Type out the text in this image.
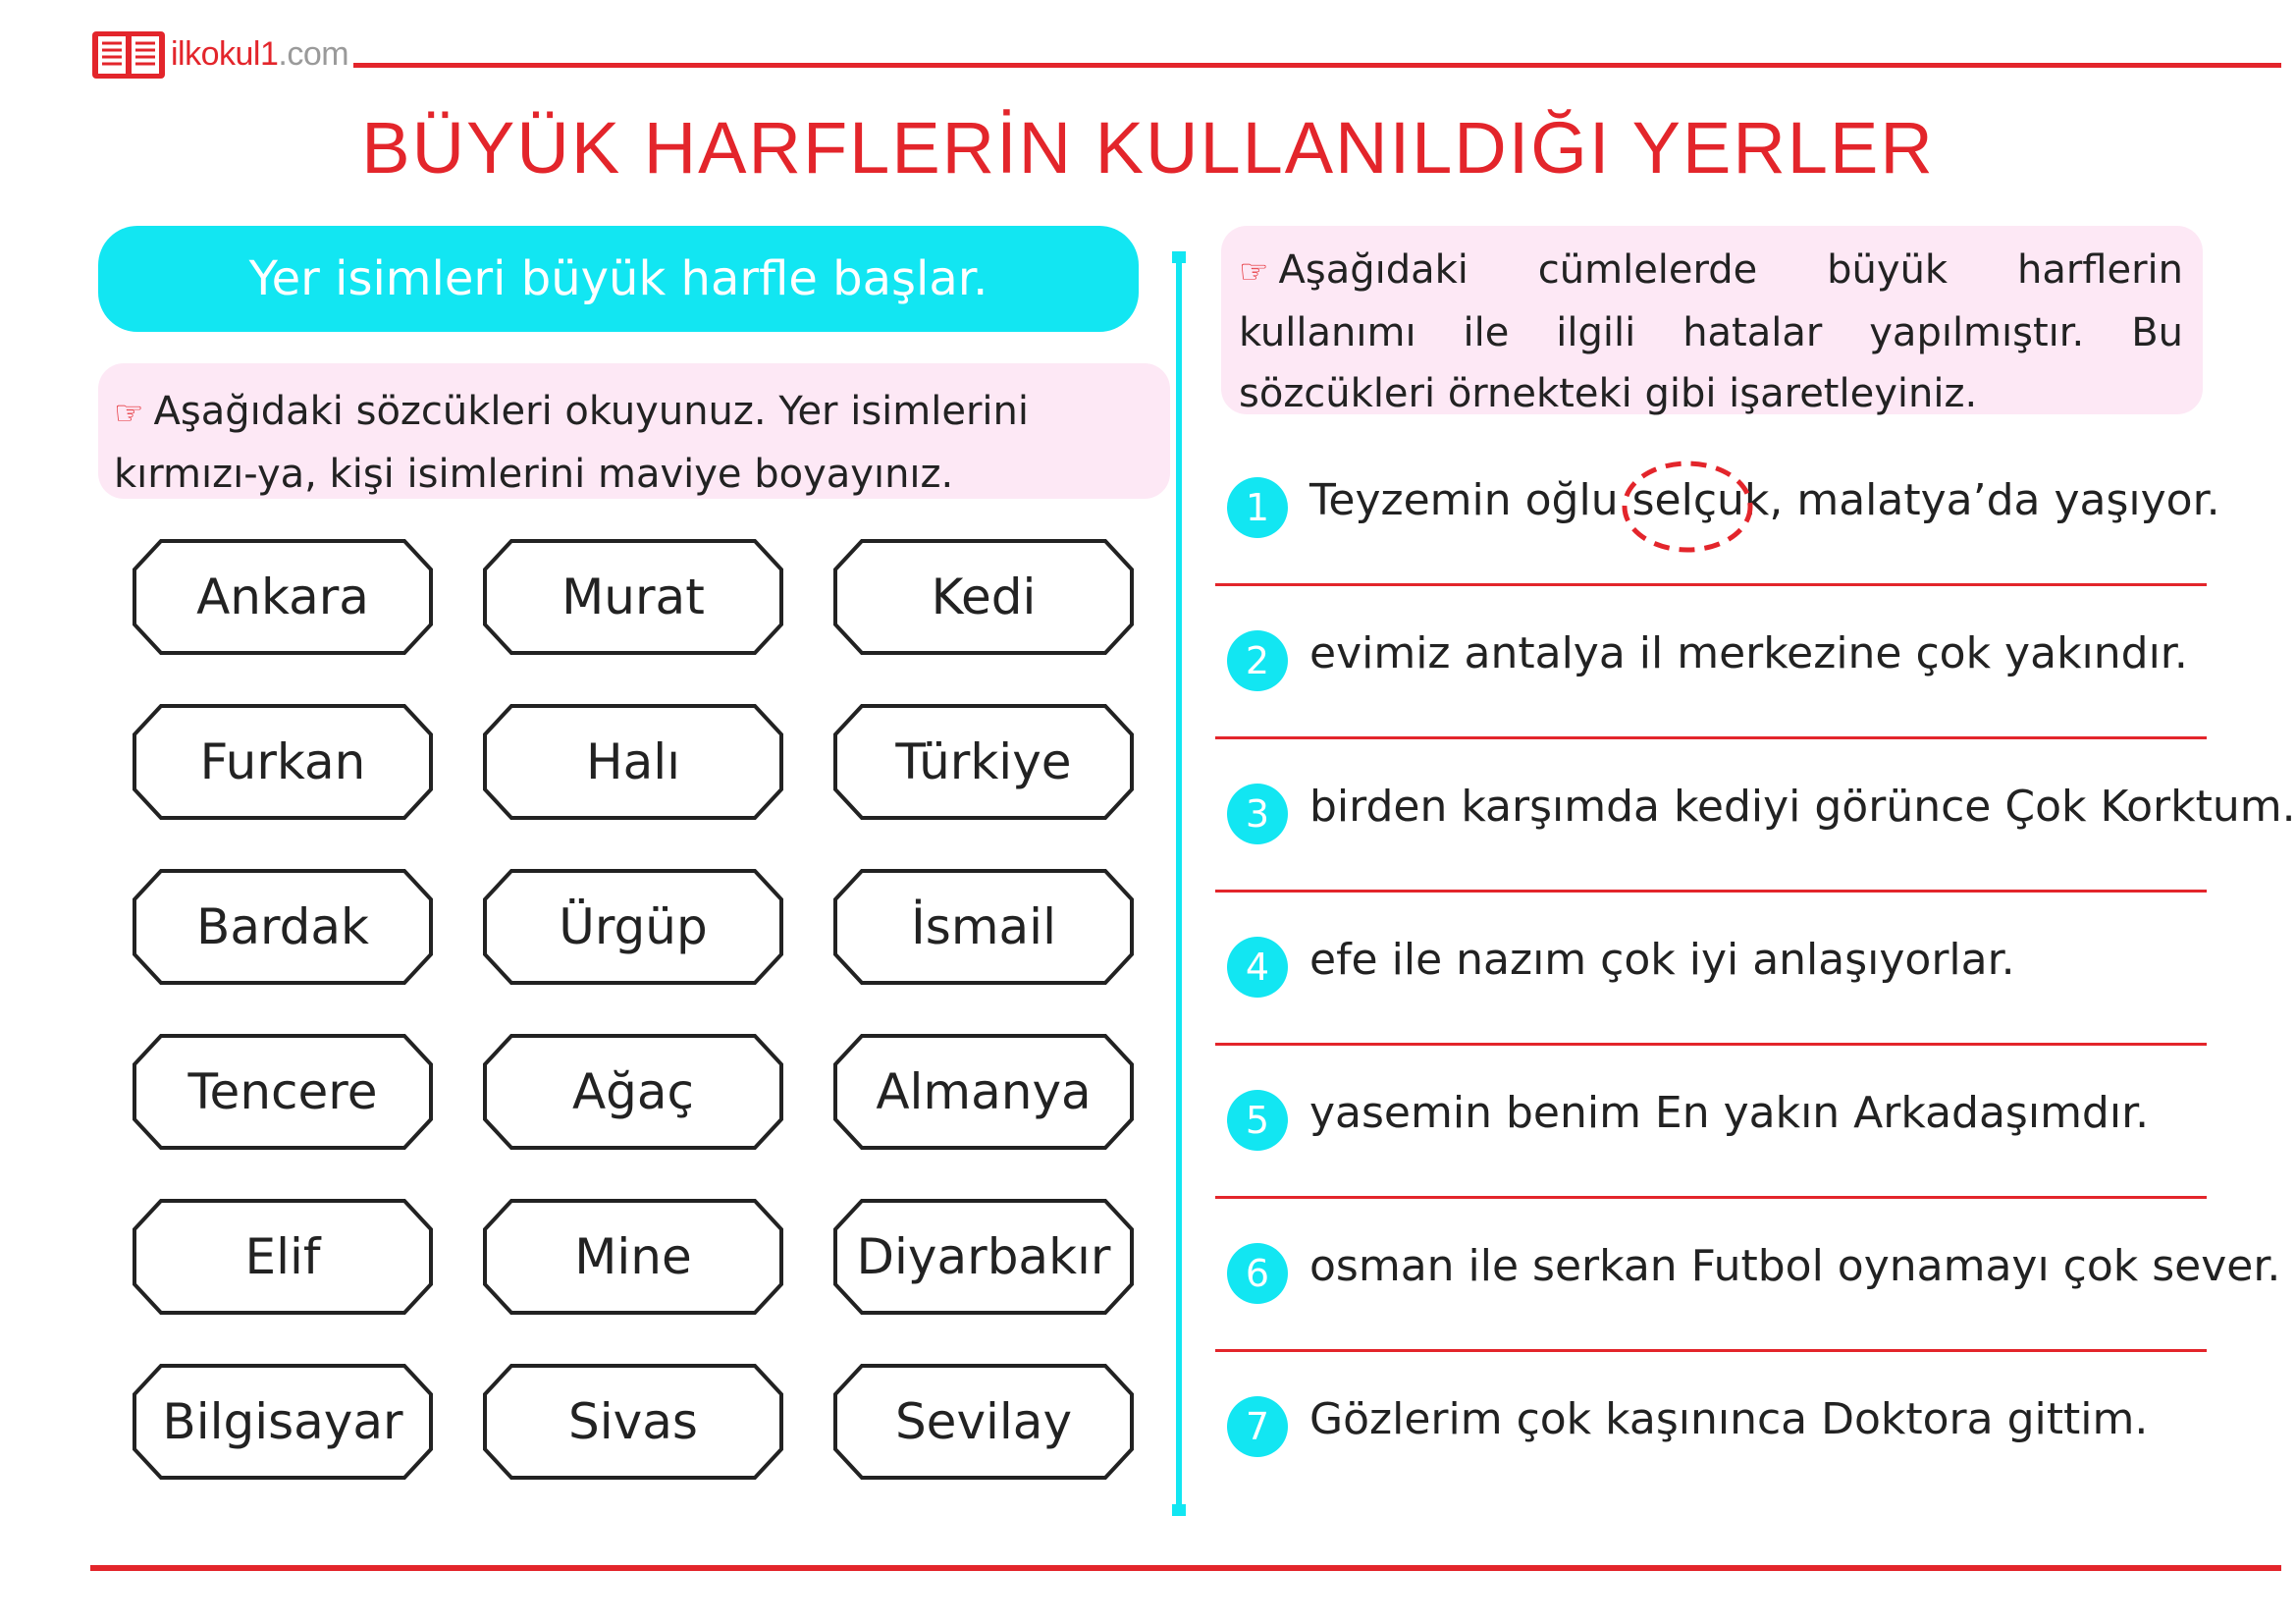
ilkokul1.com
BÜYÜK HARFLERİN KULLANILDIĞI YERLER
Yer isimleri büyük harfle başlar.
☞ Aşağıdaki sözcükleri okuyunuz. Yer isimlerini kırmızı-ya, kişi isimlerini maviye boyayınız.
Ankara	Murat	Kedi
Furkan	Halı	Türkiye
Bardak	Ürgüp	İsmail
Tencere	Ağaç	Almanya
Elif	Mine	Diyarbakır
Bilgisayar	Sivas	Sevilay
☞ Aşağıdaki cümlelerde büyük harflerin kullanımı ile ilgili hatalar yapılmıştır. Bu sözcükleri örnekteki gibi işaretleyiniz.
1 Teyzemin oğlu
selçuk, malatya’da yaşıyor.
2 evimiz antalya il merkezine çok yakındır.
3 birden karşımda kediyi görünce Çok Korktum.
4 efe ile nazım çok iyi anlaşıyorlar.
5 yasemin benim En yakın Arkadaşımdır.
6 osman ile serkan Futbol oynamayı çok sever.
7 Gözlerim çok kaşınınca Doktora gittim.
